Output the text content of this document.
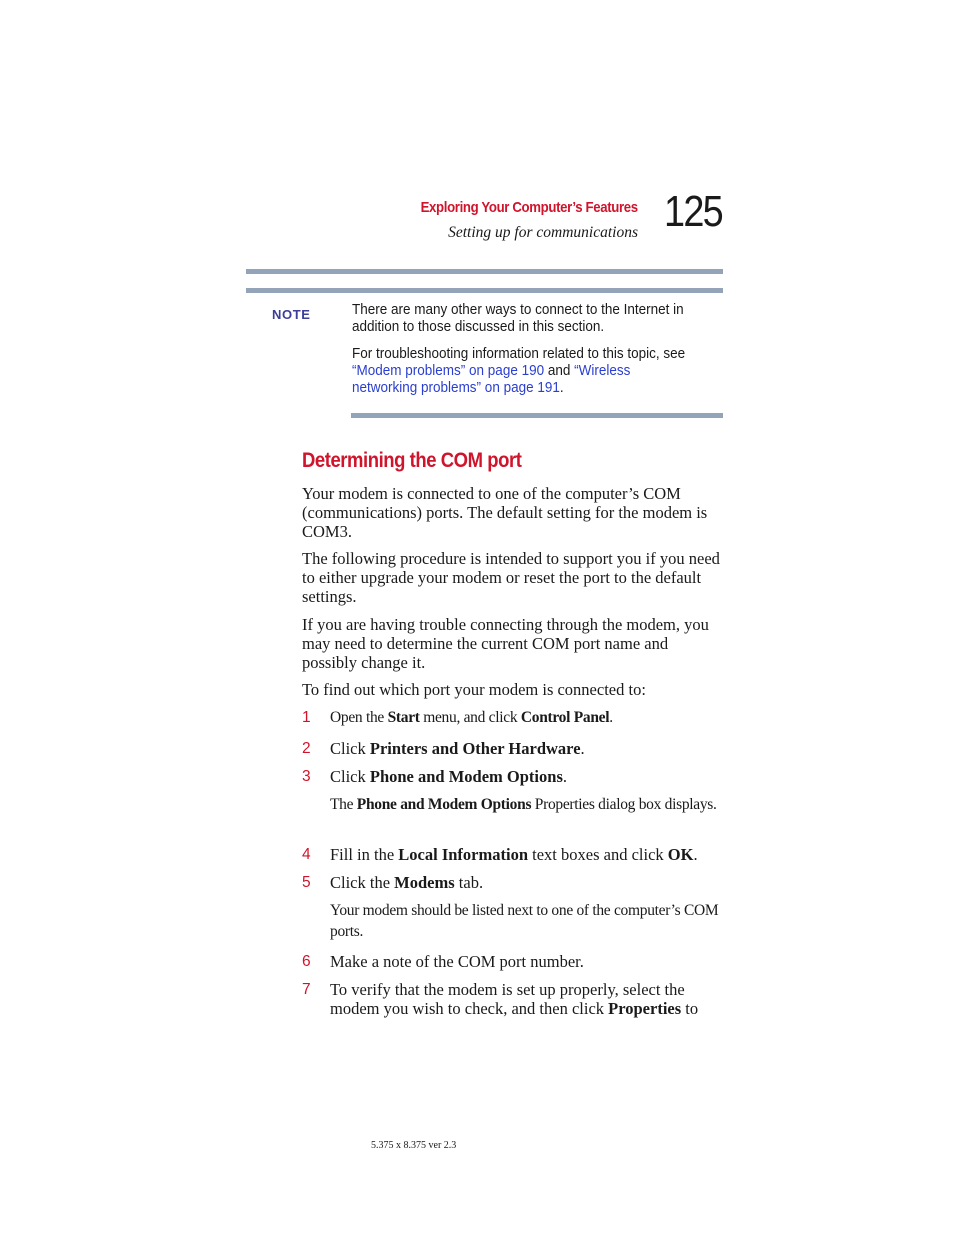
Exploring Your Computer’s Features
Setting up for communications 125
NOTE	There are many other ways to connect to the Internet in addition to those discussed in this section.
For troubleshooting information related to this topic, see
“Modem problems” on page 190 and “Wireless
networking problems” on page 191.
Determining the COM port
Your modem is connected to one of the computer’s COM (communications) ports. The default setting for the modem is COM3.
The following procedure is intended to support you if you need to either upgrade your modem or reset the port to the default settings.
If you are having trouble connecting through the modem, you may need to determine the current COM port name and possibly change it.
To find out which port your modem is connected to:
1 Open the Start menu, and click Control Panel.
2 Click Printers and Other Hardware.
3 Click Phone and Modem Options.
The Phone and Modem Options Properties dialog box displays.
4 Fill in the Local Information text boxes and click OK.
5 Click the Modems tab.
Your modem should be listed next to one of the computer’s COM ports.
6 Make a note of the COM port number.
7 To verify that the modem is set up properly, select the
modem you wish to check, and then click Properties to
5.375 x 8.375 ver 2.3
